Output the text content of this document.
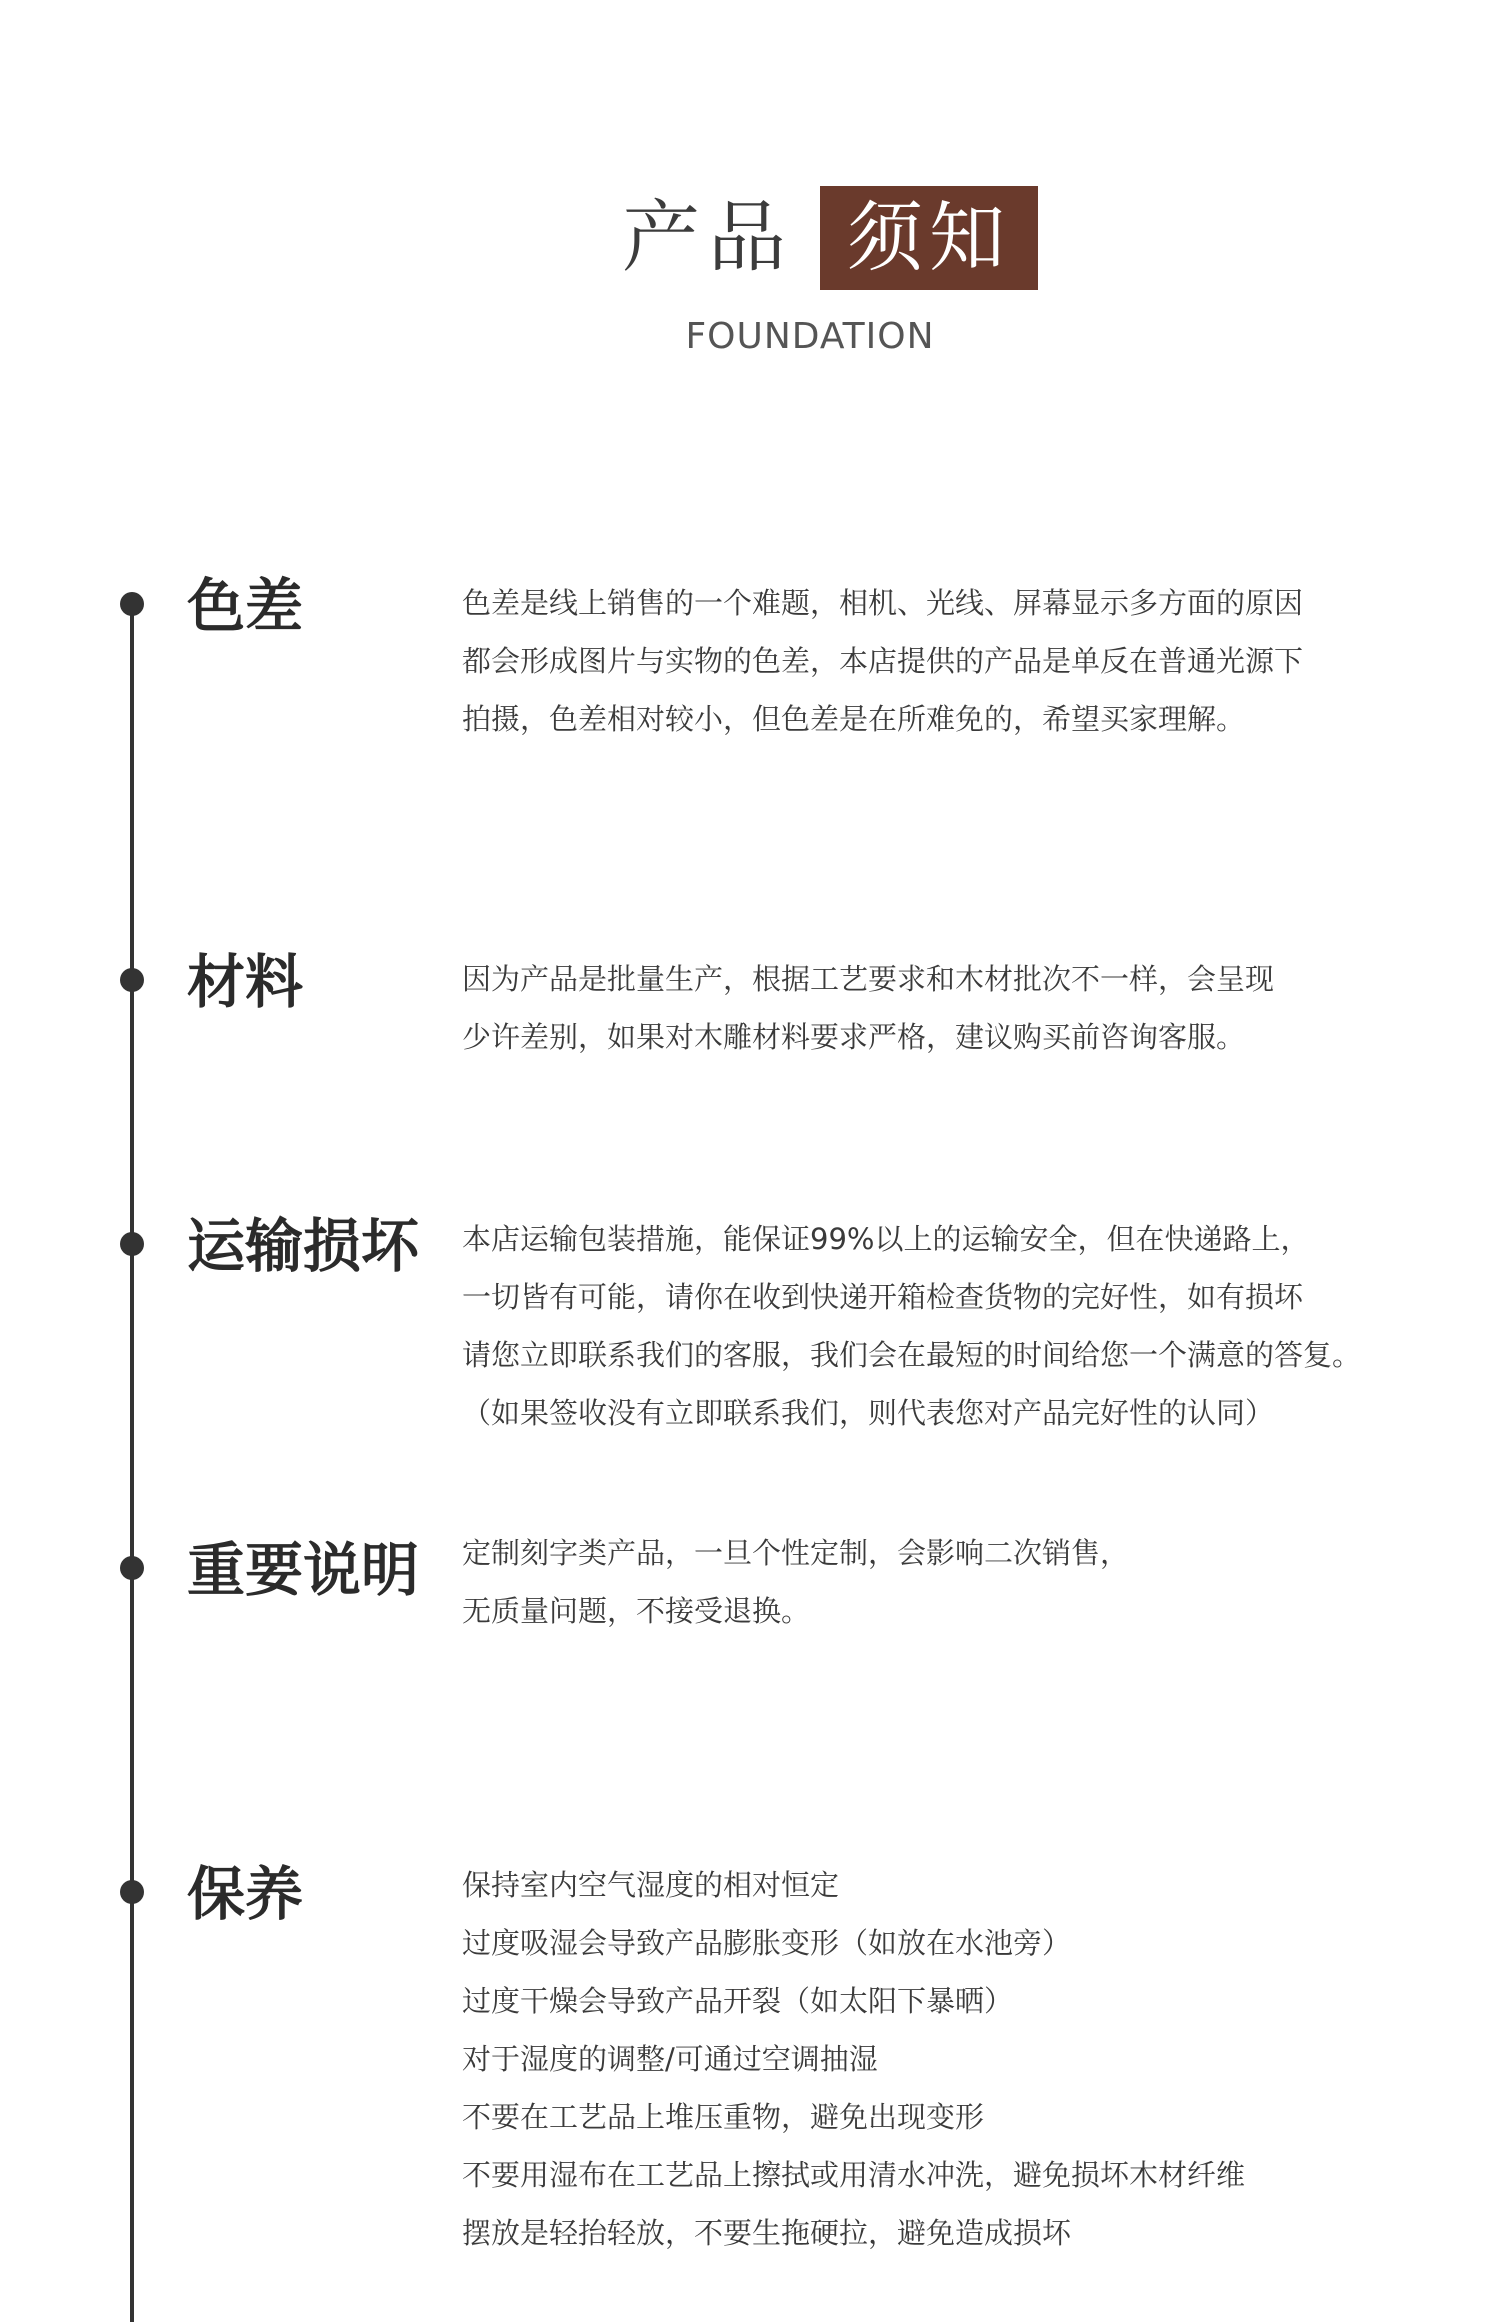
产品 须知
FOUNDATION
色差	色差是线上销售的一个难题，相机、光线、屏幕显示多方面的原因

都会形成图片与实物的色差，本店提供的产品是单反在普通光源下

拍摄，色差相对较小，但色差是在所难免的，希望买家理解。

材料	因为产品是批量生产，根据工艺要求和木材批次不一样，会呈现

少许差别，如果对木雕材料要求严格，建议购买前咨询客服。

运输损坏 本店运输包装措施，能保证99%以上的运输安全，但在快递路上，

一切皆有可能，请你在收到快递开箱检查货物的完好性，如有损坏

请您立即联系我们的客服，我们会在最短的时间给您一个满意的答复。

（如果签收没有立即联系我们，则代表您对产品完好性的认同）

重要说明 定制刻字类产品，一旦个性定制，会影响二次销售，

无质量问题，不接受退换。

保养	保持室内空气湿度的相对恒定

过度吸湿会导致产品膨胀变形（如放在水池旁）

过度干燥会导致产品开裂（如太阳下暴晒）

对于湿度的调整/可通过空调抽湿

不要在工艺品上堆压重物，避免出现变形

不要用湿布在工艺品上擦拭或用清水冲洗，避免损坏木材纤维

摆放是轻抬轻放，不要生拖硬拉，避免造成损坏
